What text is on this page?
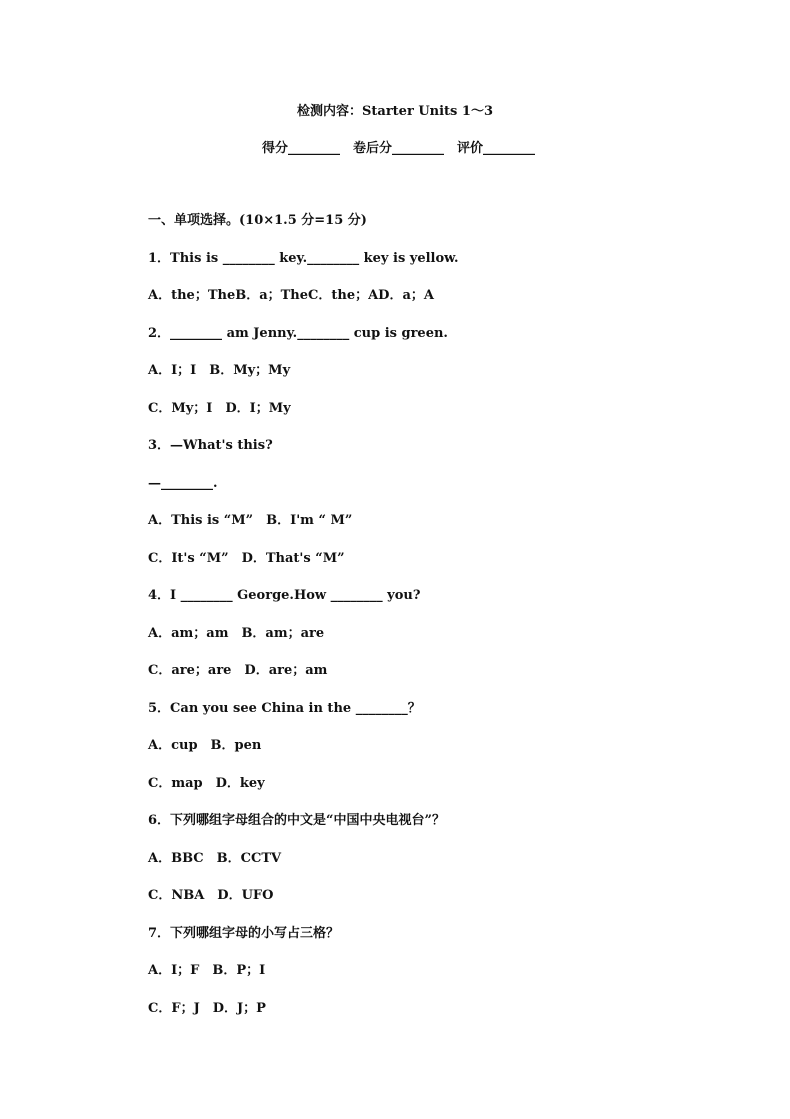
检测内容：Starter Units 1～3
得分________　卷后分________　评价________
一、单项选择。(10×1.5 分=15 分)
1．This is ________ key.________ key is yellow.
A．the；TheB．a；TheC．the；AD．a；A
2．________ am Jenny.________ cup is green.
A．I；I　B．My；My
C．My；I　D．I；My
3．—What's this?
—________.
A．This is “M”　B．I'm “ M”
C．It's “M”　D．That's “M”
4．I ________ George.How ________ you?
A．am；am　B．am；are
C．are；are　D．are；am
5．Can you see China in the ________？
A．cup　B．pen
C．map　D．key
6．下列哪组字母组合的中文是“中国中央电视台”？
A．BBC　B．CCTV
C．NBA　D．UFO
7．下列哪组字母的小写占三格？
A．I；F　B．P；I
C．F；J　D．J；P
